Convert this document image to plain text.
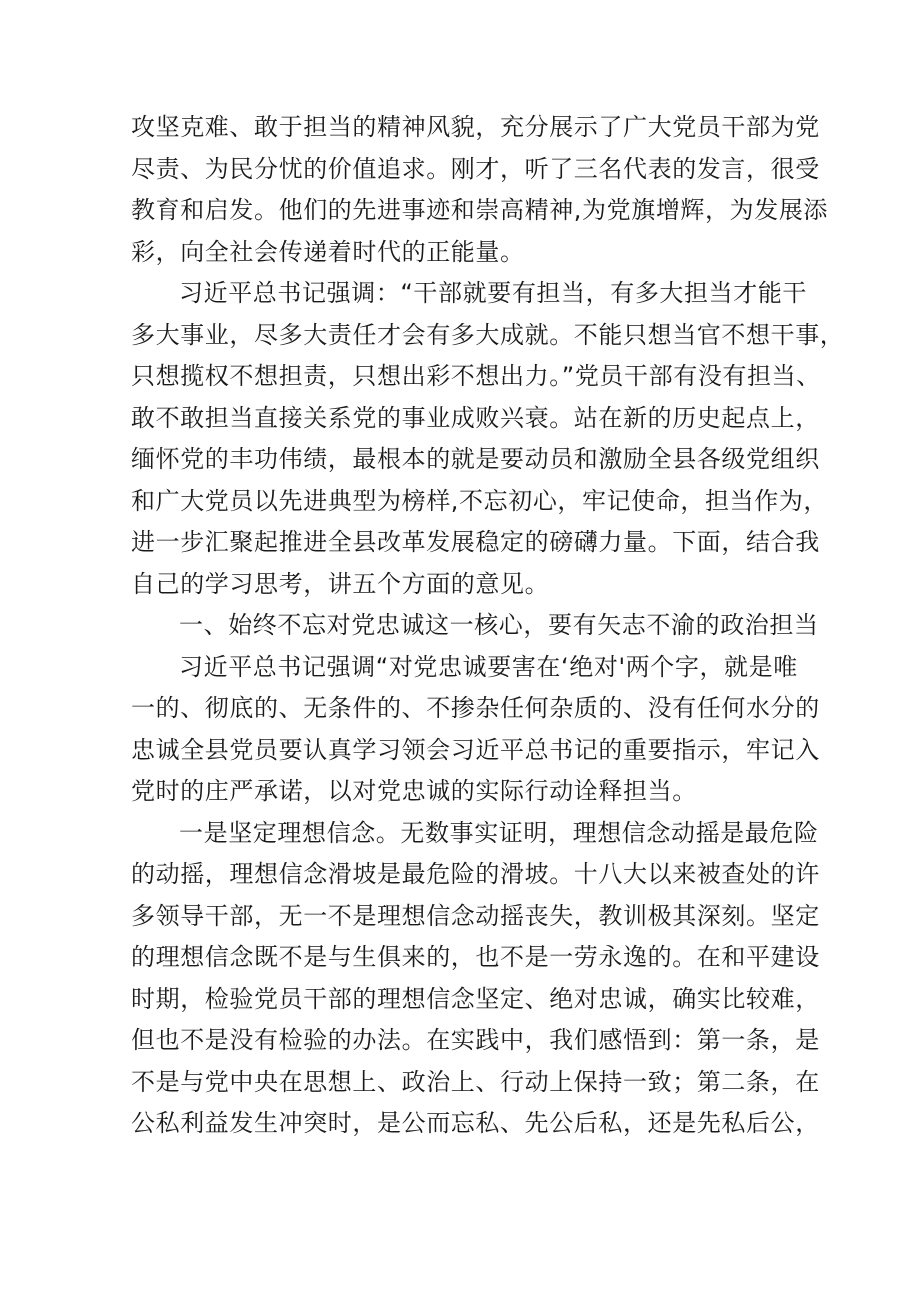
攻坚克难、敢于担当的精神风貌，充分展示了广大党员干部为党
尽责、为民分忧的价值追求。刚才，听了三名代表的发言，很受
教育和启发。他们的先进事迹和崇高精神,为党旗增辉，为发展添
彩，向全社会传递着时代的正能量。
习近平总书记强调：“干部就要有担当，有多大担当才能干
多大事业，尽多大责任才会有多大成就。不能只想当官不想干事，
只想揽权不想担责，只想出彩不想出力。”党员干部有没有担当、
敢不敢担当直接关系党的事业成败兴衰。站在新的历史起点上，
缅怀党的丰功伟绩，最根本的就是要动员和激励全县各级党组织
和广大党员以先进典型为榜样,不忘初心，牢记使命，担当作为，
进一步汇聚起推进全县改革发展稳定的磅礴力量。下面，结合我
自己的学习思考，讲五个方面的意见。
一、始终不忘对党忠诚这一核心，要有矢志不渝的政治担当
习近平总书记强调“对党忠诚要害在‘绝对'两个字，就是唯
一的、彻底的、无条件的、不掺杂任何杂质的、没有任何水分的
忠诚全县党员要认真学习领会习近平总书记的重要指示，牢记入
党时的庄严承诺，以对党忠诚的实际行动诠释担当。
一是坚定理想信念。无数事实证明，理想信念动摇是最危险
的动摇，理想信念滑坡是最危险的滑坡。十八大以来被查处的许
多领导干部，无一不是理想信念动摇丧失，教训极其深刻。坚定
的理想信念既不是与生俱来的，也不是一劳永逸的。在和平建设
时期，检验党员干部的理想信念坚定、绝对忠诚，确实比较难，
但也不是没有检验的办法。在实践中，我们感悟到：第一条，是
不是与党中央在思想上、政治上、行动上保持一致；第二条，在
公私利益发生冲突时，是公而忘私、先公后私，还是先私后公，
